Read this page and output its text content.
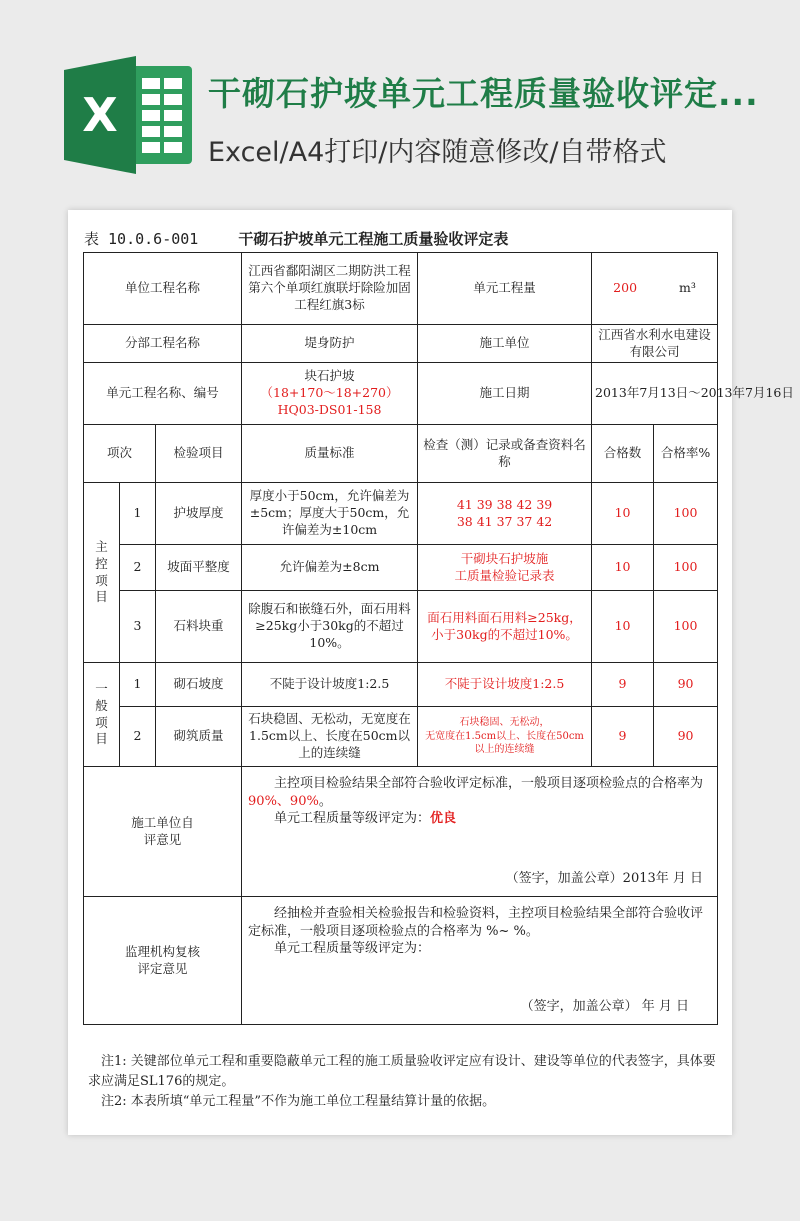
X	干砌石护坡单元工程质量验收评定...
Excel/A4打印/内容随意修改/自带格式
表 10.0.6-001	干砌石护坡单元工程施工质量验收评定表
单位工程名称			江西省鄱阳湖区二期防洪工程第六个单项红旗联圩除险加固工程红旗3标	单元工程量	200 m³	
分部工程名称			堤身防护	施工单位	江西省水利水电建设有限公司	
单元工程名称、编号			块石护坡
（18+170～18+270）
HQ03-DS01-158	施工日期	2013年7月13日～2013年7月16日	
项次		检验项目	质量标准	检查（测）记录或备查资料名称	合格数	合格率%
主控项目	1	护坡厚度	厚度小于50cm，允许偏差为±5cm；厚度大于50cm，允许偏差为±10cm	41 39 38 42 39
38 41 37 37 42	10	100
	2	坡面平整度	允许偏差为±8cm	干砌块石护坡施
工质量检验记录表	10	100
	3	石料块重	除腹石和嵌缝石外，面石用料≥25kg小于30kg的不超过10%。	面石用料面石用料≥25kg，
小于30kg的不超过10%。	10	100
一般项目	1	砌石坡度	不陡于设计坡度1:2.5	不陡于设计坡度1:2.5	9	90
	2	砌筑质量	石块稳固、无松动，无宽度在1.5cm以上、长度在50cm以上的连续缝	石块稳固、无松动，
无宽度在1.5cm以上、长度在50cm以上的连续缝	9	90
施工单位自评意见			主控项目检验结果全部符合验收评定标准，一般项目逐项检验点的合格率为90%、90%。
单元工程质量等级评定为：优良
（签字，加盖公章）2013年 月 日			

监理机构复核评定意见			经抽检并查验相关检验报告和检验资料，主控项目检验结果全部符合验收评定标准，一般项目逐项检验点的合格率为 %~ %。
单元工程质量等级评定为：
（签字，加盖公章） 年 月 日			
注1: 关键部位单元工程和重要隐蔽单元工程的施工质量验收评定应有设计、建设等单位的代表签字，具体要求应满足SL176的规定。
注2: 本表所填“单元工程量”不作为施工单位工程量结算计量的依据。
